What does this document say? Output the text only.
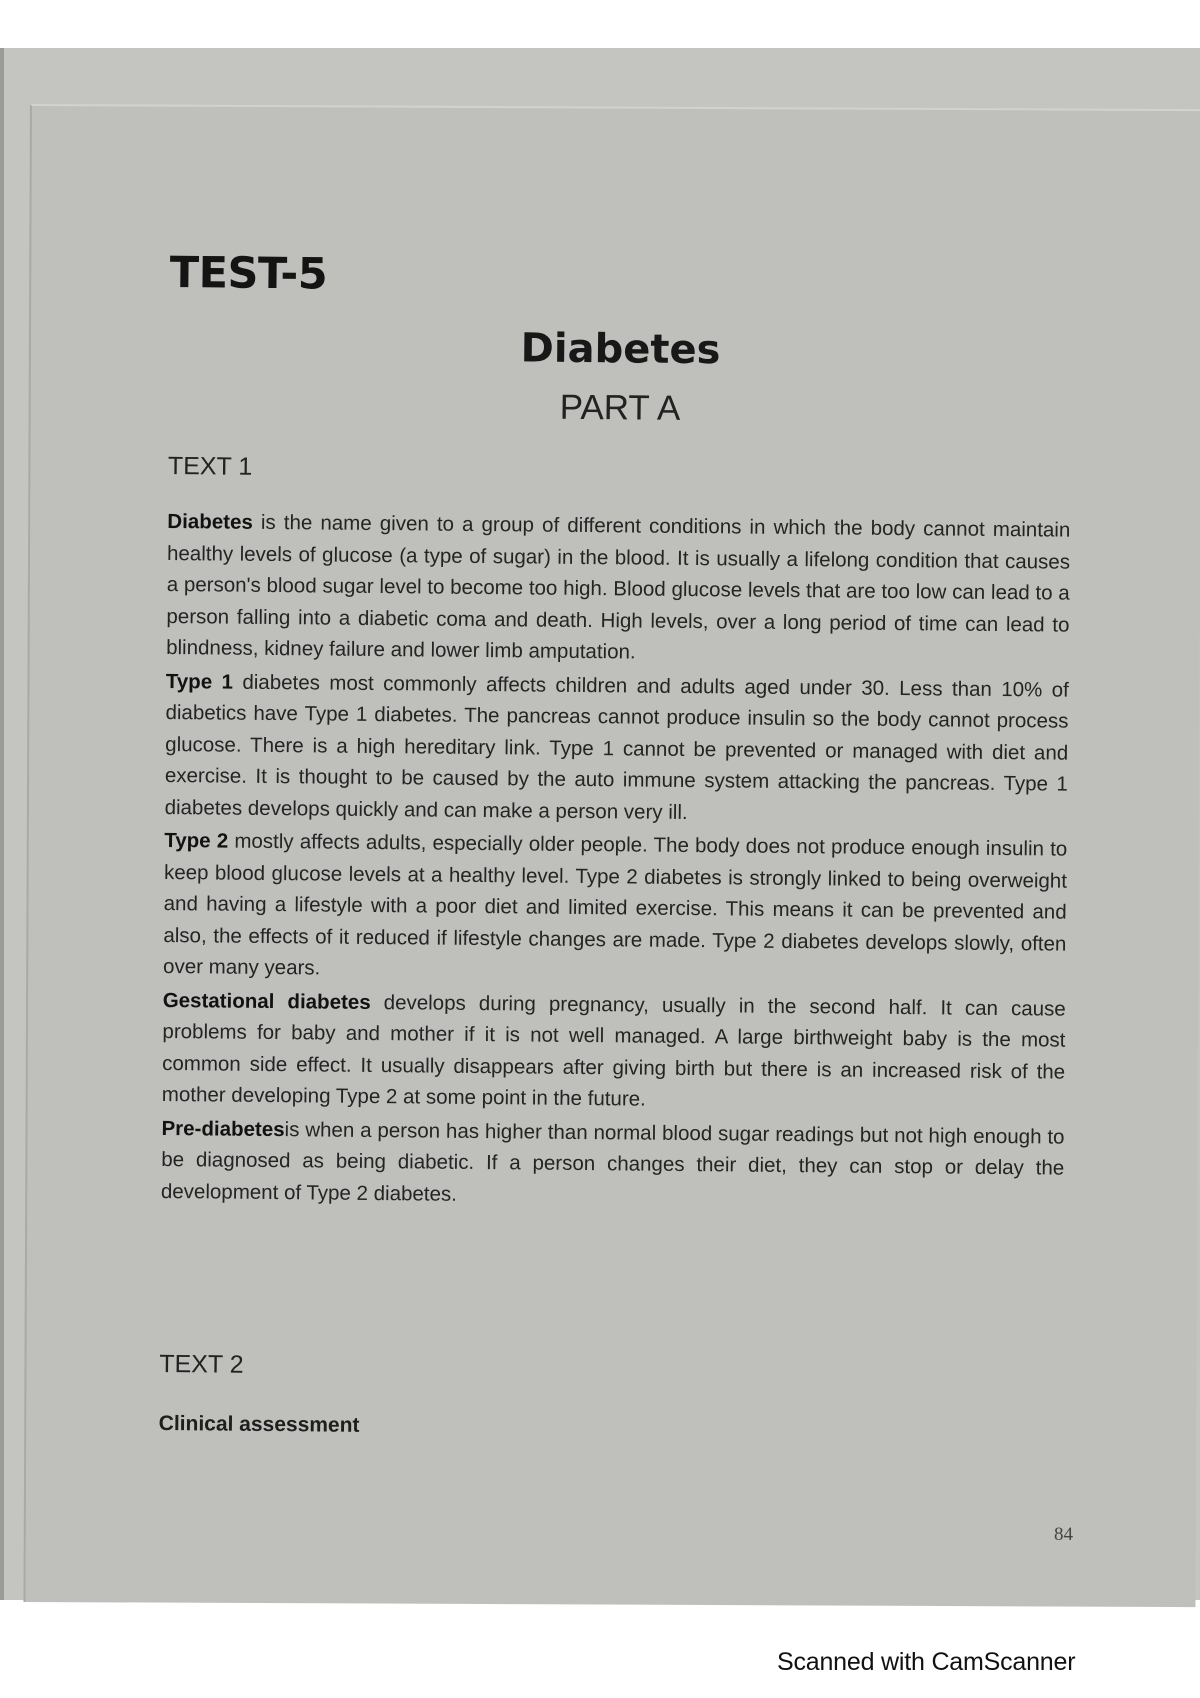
TEST-5
Diabetes
PART A
TEXT 1

Diabetes is the name given to a group of different conditions in which the body cannot maintain healthy levels of glucose (a type of sugar) in the blood. It is usually a lifelong condition that causes a person's blood sugar level to become too high. Blood glucose levels that are too low can lead to a person falling into a diabetic coma and death. High levels, over a long period of time can lead to blindness, kidney failure and lower limb amputation.

Type 1 diabetes most commonly affects children and adults aged under 30. Less than 10% of diabetics have Type 1 diabetes. The pancreas cannot produce insulin so the body cannot process glucose. There is a high hereditary link. Type 1 cannot be prevented or managed with diet and exercise. It is thought to be caused by the auto immune system attacking the pancreas. Type 1 diabetes develops quickly and can make a person very ill.

Type 2 mostly affects adults, especially older people. The body does not produce enough insulin to keep blood glucose levels at a healthy level. Type 2 diabetes is strongly linked to being overweight and having a lifestyle with a poor diet and limited exercise. This means it can be prevented and also, the effects of it reduced if lifestyle changes are made. Type 2 diabetes develops slowly, often over many years.

Gestational diabetes develops during pregnancy, usually in the second half. It can cause problems for baby and mother if it is not well managed. A large birthweight baby is the most common side effect. It usually disappears after giving birth but there is an increased risk of the mother developing Type 2 at some point in the future.

Pre-diabetesis when a person has higher than normal blood sugar readings but not high enough to be diagnosed as being diabetic. If a person changes their diet, they can stop or delay the development of Type 2 diabetes.

TEXT 2

Clinical assessment

84

Scanned with CamScanner
